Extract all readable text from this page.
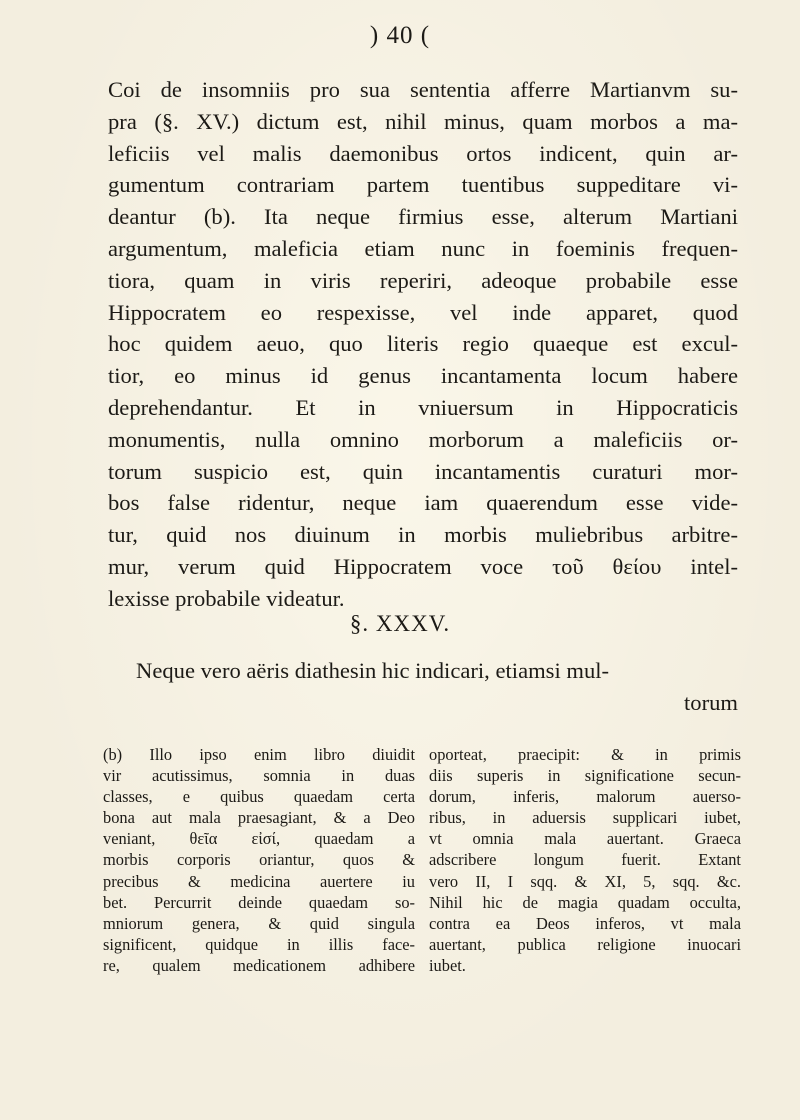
) 40 (
Coi de insomniis pro sua sententia afferre Martianvm su-
pra (§. XV.) dictum est, nihil minus, quam morbos a ma-
leficiis vel malis daemonibus ortos indicent, quin ar-
gumentum contrariam partem tuentibus suppeditare vi-
deantur (b). Ita neque firmius esse, alterum Martiani
argumentum, maleficia etiam nunc in foeminis frequen-
tiora, quam in viris reperiri, adeoque probabile esse
Hippocratem eo respexisse, vel inde apparet, quod
hoc quidem aeuo, quo literis regio quaeque est excul-
tior, eo minus id genus incantamenta locum habere
deprehendantur. Et in vniuersum in Hippocraticis
monumentis, nulla omnino morborum a maleficiis or-
torum suspicio est, quin incantamentis curaturi mor-
bos false ridentur, neque iam quaerendum esse vide-
tur, quid nos diuinum in morbis muliebribus arbitre-
mur, verum quid Hippocratem voce τοῦ θείου intel-
lexisse probabile videatur.
§. XXXV.
Neque vero aëris diathesin hic indicari, etiamsi mul-
torum
(b) Illo ipso enim libro diuidit
vir acutissimus, somnia in duas
classes, e quibus quaedam certa
bona aut mala praesagiant, & a Deo
veniant, θεῖα εἰσί, quaedam a
morbis corporis oriantur, quos &
precibus & medicina auertere iu
bet. Percurrit deinde quaedam so-
mniorum genera, & quid singula
significent, quidque in illis face-
re, qualem medicationem adhibere
oporteat, praecipit: & in primis
diis superis in significatione secun-
dorum, inferis, malorum auerso-
ribus, in aduersis supplicari iubet,
vt omnia mala auertant. Graeca
adscribere longum fuerit. Extant
vero II, I sqq. & XI, 5, sqq. &c.
Nihil hic de magia quadam occulta,
contra ea Deos inferos, vt mala
auertant, publica religione inuocari
iubet.
